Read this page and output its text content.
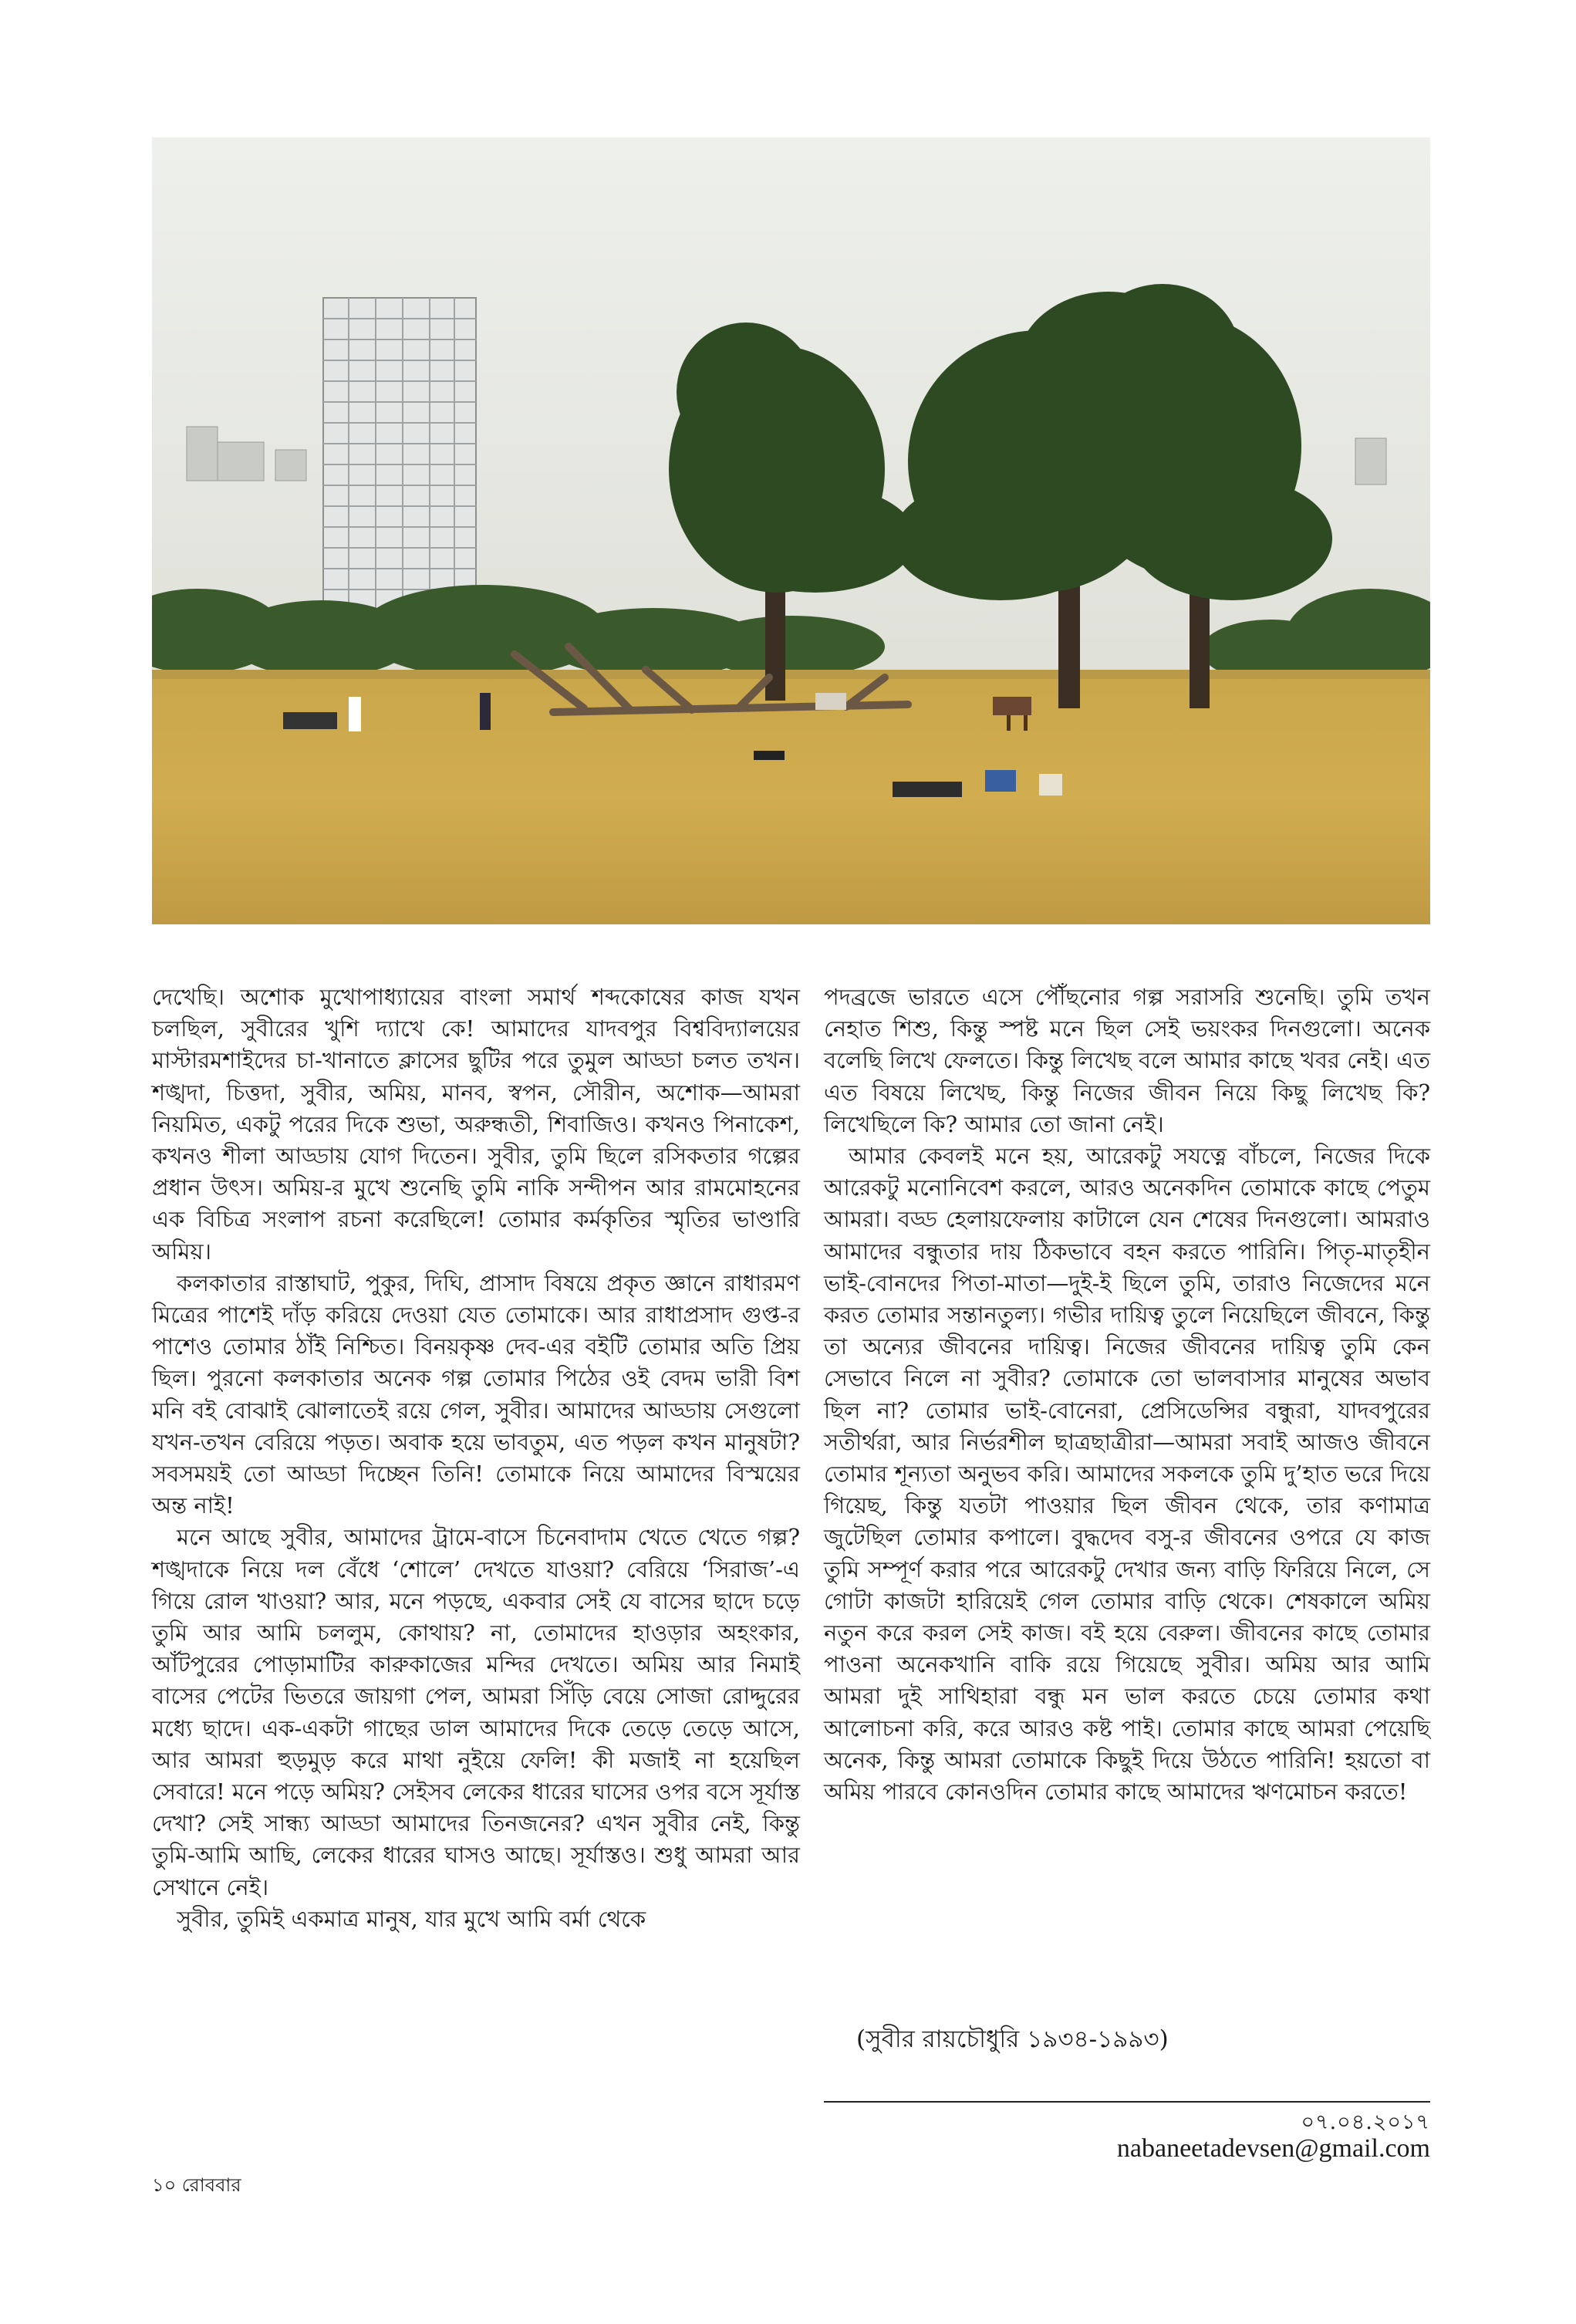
দেখেছি। অশোক মুখোপাধ্যায়ের বাংলা সমার্থ শব্দকোষের কাজ যখন চলছিল, সুবীরের খুশি দ্যাখে কে! আমাদের যাদবপুর বিশ্ববিদ্যালয়ের মাস্টারমশাইদের চা-খানাতে ক্লাসের ছুটির পরে তুমুল আড্ডা চলত তখন। শঙ্খদা, চিত্তদা, সুবীর, অমিয়, মানব, স্বপন, সৌরীন, অশোক—আমরা নিয়মিত, একটু পরের দিকে শুভা, অরুন্ধতী, শিবাজিও। কখনও পিনাকেশ, কখনও শীলা আড্ডায় যোগ দিতেন। সুবীর, তুমি ছিলে রসিকতার গল্পের প্রধান উৎস। অমিয়-র মুখে শুনেছি তুমি নাকি সন্দীপন আর রামমোহনের এক বিচিত্র সংলাপ রচনা করেছিলে! তোমার কর্মকৃতির স্মৃতির ভাণ্ডারি অমিয়।

কলকাতার রাস্তাঘাট, পুকুর, দিঘি, প্রাসাদ বিষয়ে প্রকৃত জ্ঞানে রাধারমণ মিত্রের পাশেই দাঁড় করিয়ে দেওয়া যেত তোমাকে। আর রাধাপ্রসাদ গুপ্ত-র পাশেও তোমার ঠাঁই নিশ্চিত। বিনয়কৃষ্ণ দেব-এর বইটি তোমার অতি প্রিয় ছিল। পুরনো কলকাতার অনেক গল্প তোমার পিঠের ওই বেদম ভারী বিশ মনি বই বোঝাই ঝোলাতেই রয়ে গেল, সুবীর। আমাদের আড্ডায় সেগুলো যখন-তখন বেরিয়ে পড়ত। অবাক হয়ে ভাবতুম, এত পড়ল কখন মানুষটা? সবসময়ই তো আড্ডা দিচ্ছেন তিনি! তোমাকে নিয়ে আমাদের বিস্ময়ের অন্ত নাই!

মনে আছে সুবীর, আমাদের ট্রামে-বাসে চিনেবাদাম খেতে খেতে গল্প? শঙ্খদাকে নিয়ে দল বেঁধে ‘শোলে’ দেখতে যাওয়া? বেরিয়ে ‘সিরাজ’-এ গিয়ে রোল খাওয়া? আর, মনে পড়ছে, একবার সেই যে বাসের ছাদে চড়ে তুমি আর আমি চললুম, কোথায়? না, তোমাদের হাওড়ার অহংকার, আঁটপুরের পোড়ামাটির কারুকাজের মন্দির দেখতে। অমিয় আর নিমাই বাসের পেটের ভিতরে জায়গা পেল, আমরা সিঁড়ি বেয়ে সোজা রোদ্দুরের মধ্যে ছাদে। এক-একটা গাছের ডাল আমাদের দিকে তেড়ে তেড়ে আসে, আর আমরা হুড়মুড় করে মাথা নুইয়ে ফেলি! কী মজাই না হয়েছিল সেবারে! মনে পড়ে অমিয়? সেইসব লেকের ধারের ঘাসের ওপর বসে সূর্যাস্ত দেখা? সেই সান্ধ্য আড্ডা আমাদের তিনজনের? এখন সুবীর নেই, কিন্তু তুমি-আমি আছি, লেকের ধারের ঘাসও আছে। সূর্যাস্তও। শুধু আমরা আর সেখানে নেই।

সুবীর, তুমিই একমাত্র মানুষ, যার মুখে আমি বর্মা থেকে

পদব্রজে ভারতে এসে পৌঁছনোর গল্প সরাসরি শুনেছি। তুমি তখন নেহাত শিশু, কিন্তু স্পষ্ট মনে ছিল সেই ভয়ংকর দিনগুলো। অনেক বলেছি লিখে ফেলতে। কিন্তু লিখেছ বলে আমার কাছে খবর নেই। এত এত বিষয়ে লিখেছ, কিন্তু নিজের জীবন নিয়ে কিছু লিখেছ কি? লিখেছিলে কি? আমার তো জানা নেই।

আমার কেবলই মনে হয়, আরেকটু সযত্নে বাঁচলে, নিজের দিকে আরেকটু মনোনিবেশ করলে, আরও অনেকদিন তোমাকে কাছে পেতুম আমরা। বড্ড হেলায়ফেলায় কাটালে যেন শেষের দিনগুলো। আমরাও আমাদের বন্ধুতার দায় ঠিকভাবে বহন করতে পারিনি। পিতৃ-মাতৃহীন ভাই-বোনদের পিতা-মাতা—দুই-ই ছিলে তুমি, তারাও নিজেদের মনে করত তোমার সন্তানতুল্য। গভীর দায়িত্ব তুলে নিয়েছিলে জীবনে, কিন্তু তা অন্যের জীবনের দায়িত্ব। নিজের জীবনের দায়িত্ব তুমি কেন সেভাবে নিলে না সুবীর? তোমাকে তো ভালবাসার মানুষের অভাব ছিল না? তোমার ভাই-বোনেরা, প্রেসিডেন্সির বন্ধুরা, যাদবপুরের সতীর্থরা, আর নির্ভরশীল ছাত্রছাত্রীরা—আমরা সবাই আজও জীবনে তোমার শূন্যতা অনুভব করি। আমাদের সকলকে তুমি দু’হাত ভরে দিয়ে গিয়েছ, কিন্তু যতটা পাওয়ার ছিল জীবন থেকে, তার কণামাত্র জুটেছিল তোমার কপালে। বুদ্ধদেব বসু-র জীবনের ওপরে যে কাজ তুমি সম্পূর্ণ করার পরে আরেকটু দেখার জন্য বাড়ি ফিরিয়ে নিলে, সে গোটা কাজটা হারিয়েই গেল তোমার বাড়ি থেকে। শেষকালে অমিয় নতুন করে করল সেই কাজ। বই হয়ে বেরুল। জীবনের কাছে তোমার পাওনা অনেকখানি বাকি রয়ে গিয়েছে সুবীর। অমিয় আর আমি আমরা দুই সাথিহারা বন্ধু মন ভাল করতে চেয়ে তোমার কথা আলোচনা করি, করে আরও কষ্ট পাই। তোমার কাছে আমরা পেয়েছি অনেক, কিন্তু আমরা তোমাকে কিছুই দিয়ে উঠতে পারিনি! হয়তো বা অমিয় পারবে কোনওদিন তোমার কাছে আমাদের ঋণমোচন করতে!

(সুবীর রায়চৌধুরি ১৯৩৪-১৯৯৩)
০৭.০৪.২০১৭
nabaneetadevsen@gmail.com
১০ রোববার
